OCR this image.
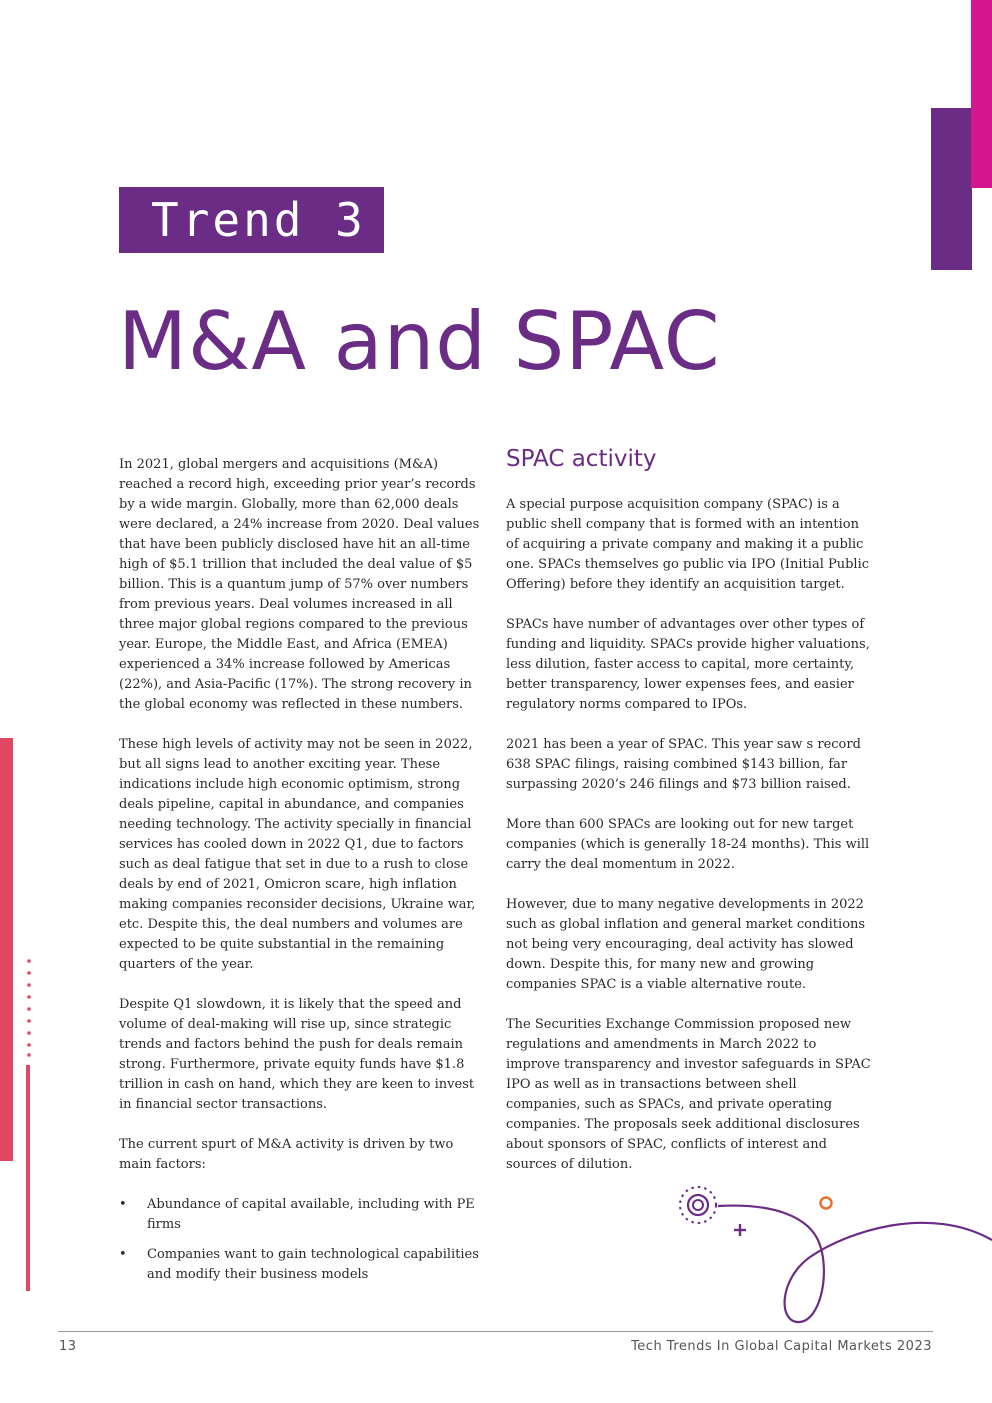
Trend 3
M&A and SPAC

In 2021, global mergers and acquisitions (M&A) reached a record high, exceeding prior year’s records by a wide margin. Globally, more than 62,000 deals were declared, a 24% increase from 2020. Deal values that have been publicly disclosed have hit an all-time high of $5.1 trillion that included the deal value of $5 billion. This is a quantum jump of 57% over numbers from previous years. Deal volumes increased in all three major global regions compared to the previous year. Europe, the Middle East, and Africa (EMEA) experienced a 34% increase followed by Americas (22%), and Asia-Pacific (17%). The strong recovery in the global economy was reflected in these numbers.

These high levels of activity may not be seen in 2022, but all signs lead to another exciting year. These indications include high economic optimism, strong deals pipeline, capital in abundance, and companies needing technology. The activity specially in financial services has cooled down in 2022 Q1, due to factors such as deal fatigue that set in due to a rush to close deals by end of 2021, Omicron scare, high inflation making companies reconsider decisions, Ukraine war, etc. Despite this, the deal numbers and volumes are expected to be quite substantial in the remaining quarters of the year.

Despite Q1 slowdown, it is likely that the speed and volume of deal-making will rise up, since strategic trends and factors behind the push for deals remain strong. Furthermore, private equity funds have $1.8 trillion in cash on hand, which they are keen to invest in financial sector transactions.

The current spurt of M&A activity is driven by two main factors:

• Abundance of capital available, including with PE firms
• Companies want to gain technological capabilities and modify their business models
SPAC activity

A special purpose acquisition company (SPAC) is a public shell company that is formed with an intention of acquiring a private company and making it a public one. SPACs themselves go public via IPO (Initial Public Offering) before they identify an acquisition target.

SPACs have number of advantages over other types of funding and liquidity. SPACs provide higher valuations, less dilution, faster access to capital, more certainty, better transparency, lower expenses fees, and easier regulatory norms compared to IPOs.

2021 has been a year of SPAC. This year saw s record 638 SPAC filings, raising combined $143 billion, far surpassing 2020’s 246 filings and $73 billion raised.

More than 600 SPACs are looking out for new target companies (which is generally 18-24 months). This will carry the deal momentum in 2022.

However, due to many negative developments in 2022 such as global inflation and general market conditions not being very encouraging, deal activity has slowed down. Despite this, for many new and growing companies SPAC is a viable alternative route.

The Securities Exchange Commission proposed new regulations and amendments in March 2022 to improve transparency and investor safeguards in SPAC IPO as well as in transactions between shell companies, such as SPACs, and private operating companies. The proposals seek additional disclosures about sponsors of SPAC, conflicts of interest and sources of dilution.

13	Tech Trends In Global Capital Markets 2023
